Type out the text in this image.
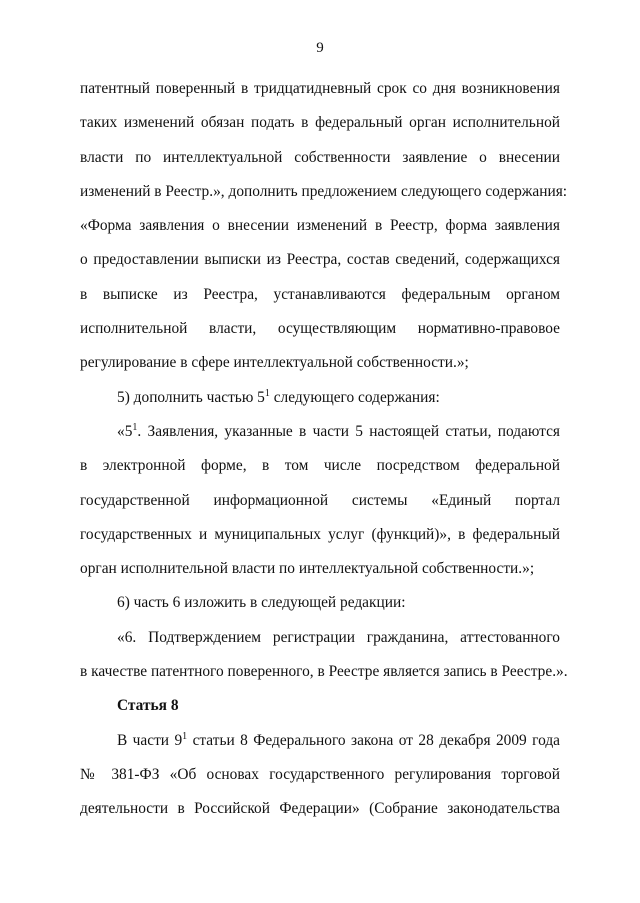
9
патентный поверенный в тридцатидневный срок со дня возникновения
таких изменений обязан подать в федеральный орган исполнительной
власти по интеллектуальной собственности заявление о внесении
изменений в Реестр.», дополнить предложением следующего содержания:
«Форма заявления о внесении изменений в Реестр, форма заявления
о предоставлении выписки из Реестра, состав сведений, содержащихся
в выписке из Реестра, устанавливаются федеральным органом
исполнительной власти, осуществляющим нормативно-правовое
регулирование в сфере интеллектуальной собственности.»;
5) дополнить частью $5^1$ следующего содержания:
«$5^1$. Заявления, указанные в части 5 настоящей статьи, подаются
в электронной форме, в том числе посредством федеральной
государственной информационной системы «Единый портал
государственных и муниципальных услуг (функций)», в федеральный
орган исполнительной власти по интеллектуальной собственности.»;
6) часть 6 изложить в следующей редакции:
«6. Подтверждением регистрации гражданина, аттестованного
в качестве патентного поверенного, в Реестре является запись в Реестре.».
Статья 8
В части $9^1$ статьи 8 Федерального закона от 28 декабря 2009 года
№ 381-ФЗ «Об основах государственного регулирования торговой
деятельности в Российской Федерации» (Собрание законодательства
